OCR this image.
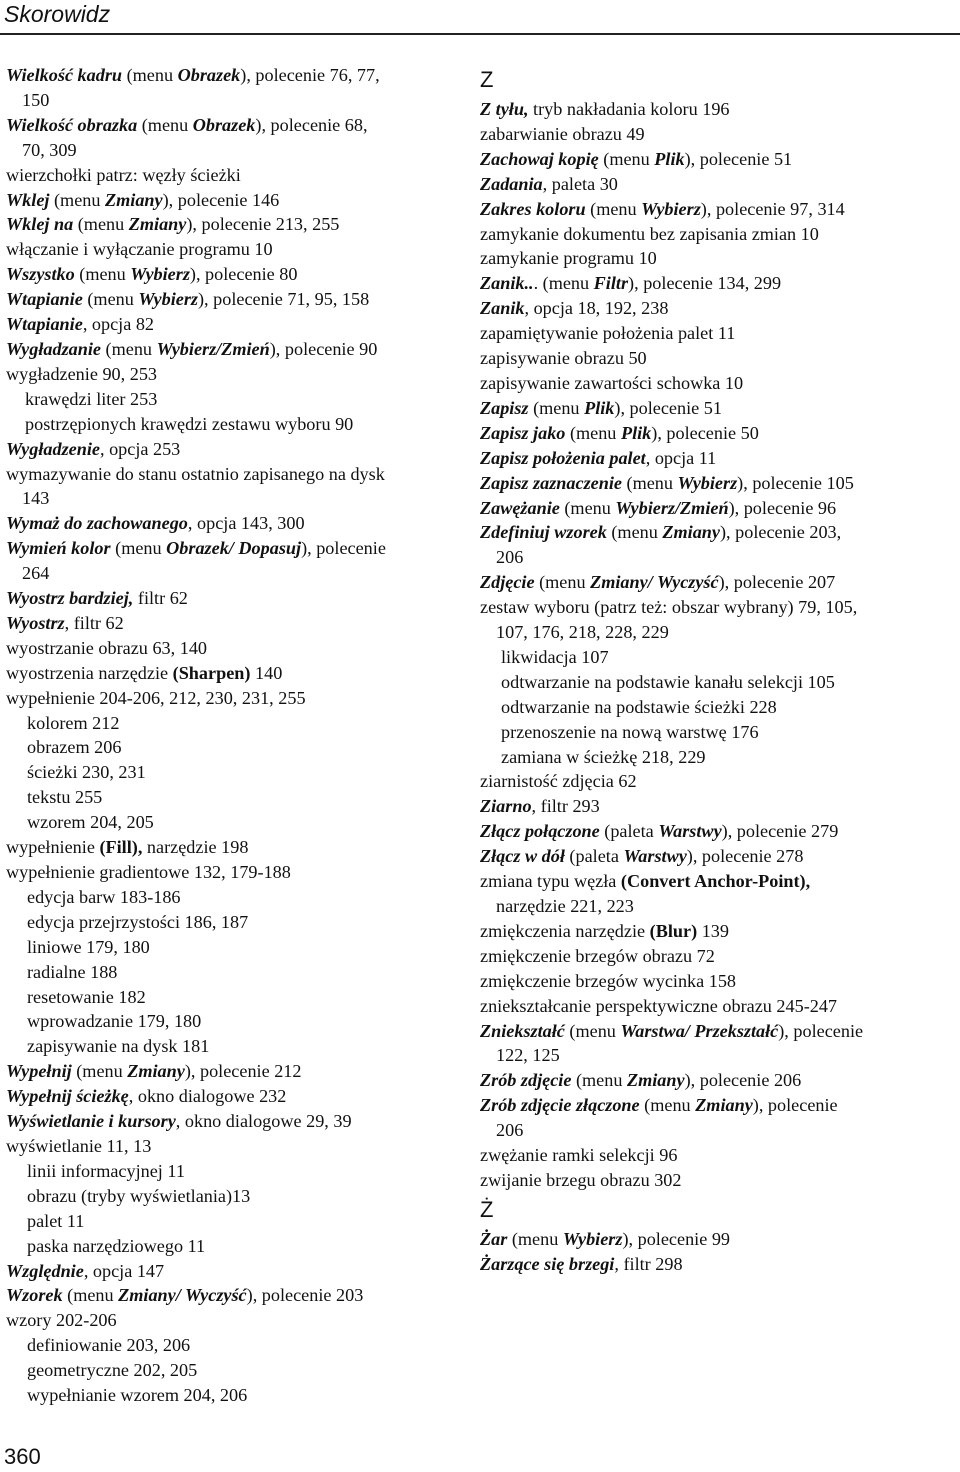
Skorowidz
Wielkość kadru (menu Obrazek), polecenie 76, 77,
150
Wielkość obrazka (menu Obrazek), polecenie 68,
70, 309
wierzchołki patrz: węzły ścieżki
Wklej (menu Zmiany), polecenie 146
Wklej na (menu Zmiany), polecenie 213, 255
włączanie i wyłączanie programu 10
Wszystko (menu Wybierz), polecenie 80
Wtapianie (menu Wybierz), polecenie 71, 95, 158
Wtapianie, opcja 82
Wygładzanie (menu Wybierz/Zmień), polecenie 90
wygładzenie 90, 253
krawędzi liter 253
postrzępionych krawędzi zestawu wyboru 90
Wygładzenie, opcja 253
wymazywanie do stanu ostatnio zapisanego na dysk
143
Wymaż do zachowanego, opcja 143, 300
Wymień kolor (menu Obrazek/ Dopasuj), polecenie
264
Wyostrz bardziej, filtr 62
Wyostrz, filtr 62
wyostrzanie obrazu 63, 140
wyostrzenia narzędzie (Sharpen) 140
wypełnienie 204-206, 212, 230, 231, 255
kolorem 212
obrazem 206
ścieżki 230, 231
tekstu 255
wzorem 204, 205
wypełnienie (Fill), narzędzie 198
wypełnienie gradientowe 132, 179-188
edycja barw 183-186
edycja przejrzystości 186, 187
liniowe 179, 180
radialne 188
resetowanie 182
wprowadzanie 179, 180
zapisywanie na dysk 181
Wypełnij (menu Zmiany), polecenie 212
Wypełnij ścieżkę, okno dialogowe 232
Wyświetlanie i kursory, okno dialogowe 29, 39
wyświetlanie 11, 13
linii informacyjnej 11
obrazu (tryby wyświetlania)13
palet 11
paska narzędziowego 11
Względnie, opcja 147
Wzorek (menu Zmiany/ Wyczyść), polecenie 203
wzory 202-206
definiowanie 203, 206
geometryczne 202, 205
wypełnianie wzorem 204, 206
Z
Z tyłu, tryb nakładania koloru 196
zabarwianie obrazu 49
Zachowaj kopię (menu Plik), polecenie 51
Zadania, paleta 30
Zakres koloru (menu Wybierz), polecenie 97, 314
zamykanie dokumentu bez zapisania zmian 10
zamykanie programu 10
Zanik... (menu Filtr), polecenie 134, 299
Zanik, opcja 18, 192, 238
zapamiętywanie położenia palet 11
zapisywanie obrazu 50
zapisywanie zawartości schowka 10
Zapisz (menu Plik), polecenie 51
Zapisz jako (menu Plik), polecenie 50
Zapisz położenia palet, opcja 11
Zapisz zaznaczenie (menu Wybierz), polecenie 105
Zawężanie (menu Wybierz/Zmień), polecenie 96
Zdefiniuj wzorek (menu Zmiany), polecenie 203,
206
Zdjęcie (menu Zmiany/ Wyczyść), polecenie 207
zestaw wyboru (patrz też: obszar wybrany) 79, 105,
107, 176, 218, 228, 229
likwidacja 107
odtwarzanie na podstawie kanału selekcji 105
odtwarzanie na podstawie ścieżki 228
przenoszenie na nową warstwę 176
zamiana w ścieżkę 218, 229
ziarnistość zdjęcia 62
Ziarno, filtr 293
Złącz połączone (paleta Warstwy), polecenie 279
Złącz w dół (paleta Warstwy), polecenie 278
zmiana typu węzła (Convert Anchor-Point),
narzędzie 221, 223
zmiękczenia narzędzie (Blur) 139
zmiękczenie brzegów obrazu 72
zmiękczenie brzegów wycinka 158
zniekształcanie perspektywiczne obrazu 245-247
Zniekształć (menu Warstwa/ Przekształć), polecenie
122, 125
Zrób zdjęcie (menu Zmiany), polecenie 206
Zrób zdjęcie złączone (menu Zmiany), polecenie
206
zwężanie ramki selekcji 96
zwijanie brzegu obrazu 302
Ż
Żar (menu Wybierz), polecenie 99
Żarzące się brzegi, filtr 298
360
